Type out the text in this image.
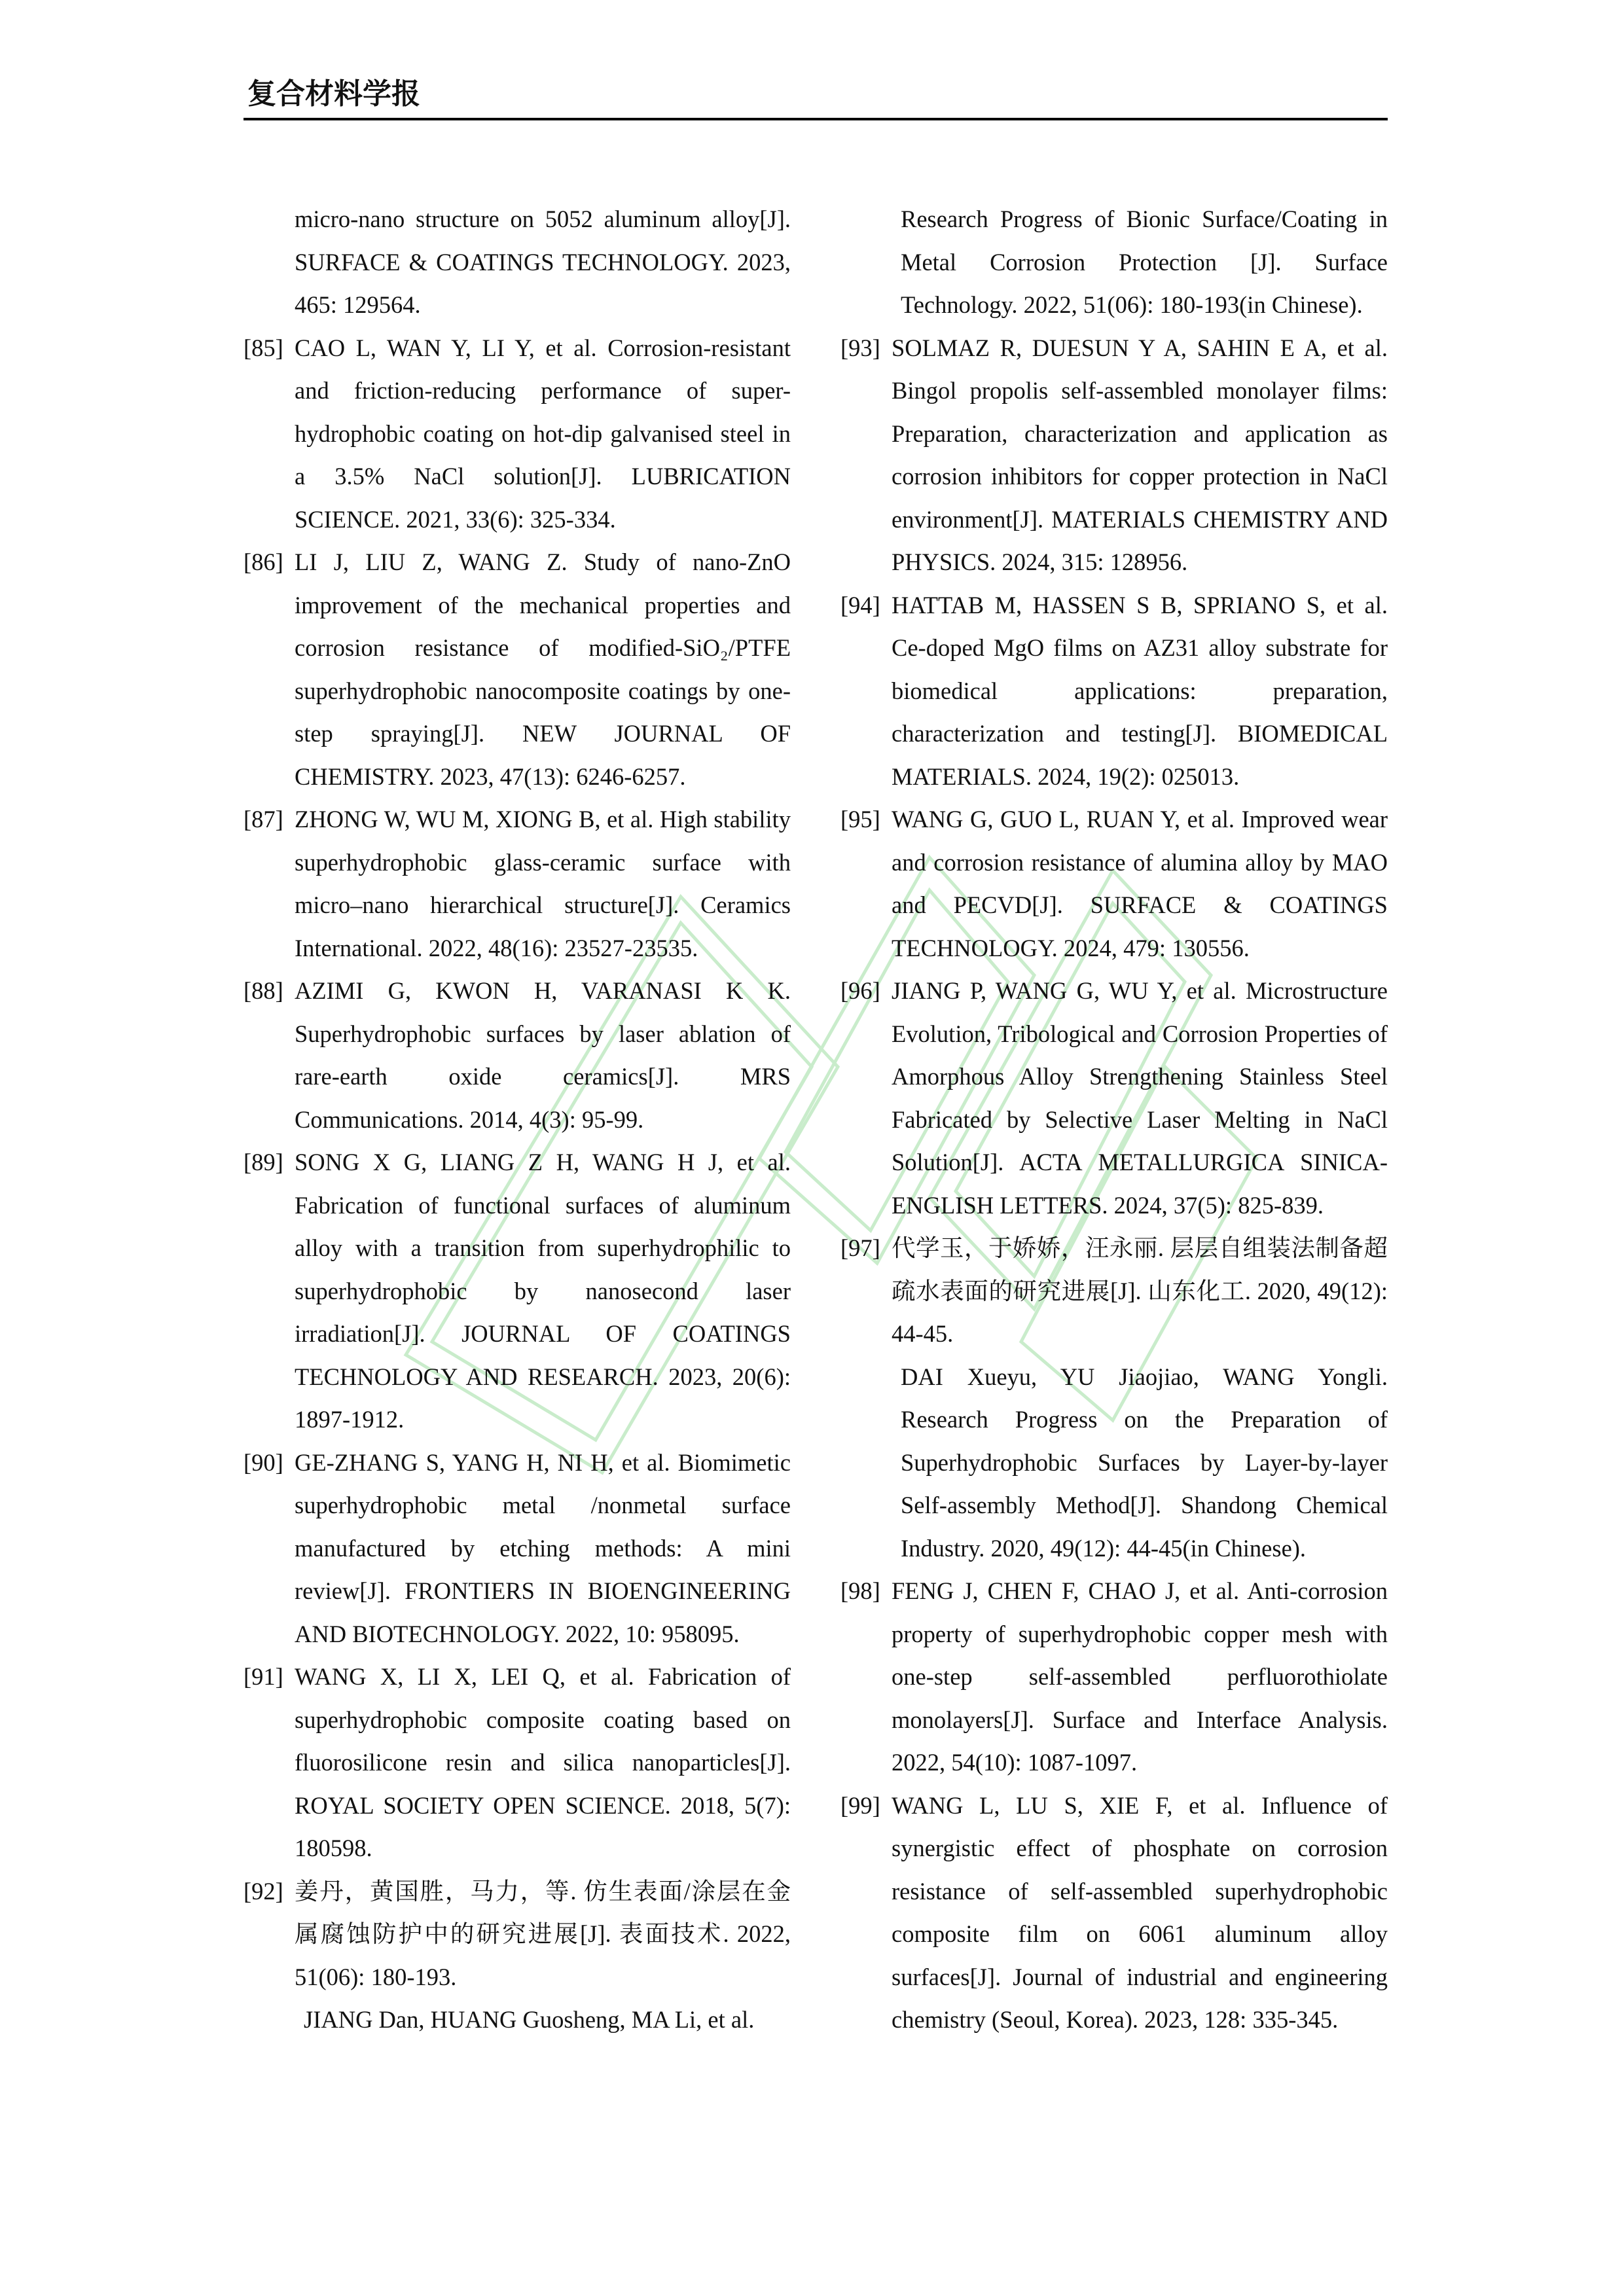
复合材料学报

micro-nano structure on 5052 aluminum alloy[J]. SURFACE & COATINGS TECHNOLOGY. 2023, 465: 129564.

[85] CAO L, WAN Y, LI Y, et al. Corrosion-resistant and friction-reducing performance of super-hydrophobic coating on hot-dip galvanised steel in a 3.5% NaCl solution[J]. LUBRICATION SCIENCE. 2021, 33(6): 325-334.
[86] LI J, LIU Z, WANG Z. Study of nano-ZnO improvement of the mechanical properties and corrosion resistance of modified-SiO₂/PTFE superhydrophobic nanocomposite coatings by one-step spraying[J]. NEW JOURNAL OF CHEMISTRY. 2023, 47(13): 6246-6257.
[87] ZHONG W, WU M, XIONG B, et al. High stability superhydrophobic glass-ceramic surface with micro–nano hierarchical structure[J]. Ceramics International. 2022, 48(16): 23527-23535.
[88] AZIMI G, KWON H, VARANASI K K. Superhydrophobic surfaces by laser ablation of rare-earth oxide ceramics[J]. MRS Communications. 2014, 4(3): 95-99.
[89] SONG X G, LIANG Z H, WANG H J, et al. Fabrication of functional surfaces of aluminum alloy with a transition from superhydrophilic to superhydrophobic by nanosecond laser irradiation[J]. JOURNAL OF COATINGS TECHNOLOGY AND RESEARCH. 2023, 20(6): 1897-1912.
[90] GE-ZHANG S, YANG H, NI H, et al. Biomimetic superhydrophobic metal /nonmetal surface manufactured by etching methods: A mini review[J]. FRONTIERS IN BIOENGINEERING AND BIOTECHNOLOGY. 2022, 10: 958095.
[91] WANG X, LI X, LEI Q, et al. Fabrication of superhydrophobic composite coating based on fluorosilicone resin and silica nanoparticles[J]. ROYAL SOCIETY OPEN SCIENCE. 2018, 5(7): 180598.
[92] 姜丹，黄国胜，马力，等. 仿生表面/涂层在金属腐蚀防护中的研究进展[J]. 表面技术. 2022, 51(06): 180-193.

JIANG Dan, HUANG Guosheng, MA Li, et al.

Research Progress of Bionic Surface/Coating in Metal Corrosion Protection [J]. Surface Technology. 2022, 51(06): 180-193(in Chinese).

[93] SOLMAZ R, DUESUN Y A, SAHIN E A, et al. Bingol propolis self-assembled monolayer films: Preparation, characterization and application as corrosion inhibitors for copper protection in NaCl environment[J]. MATERIALS CHEMISTRY AND PHYSICS. 2024, 315: 128956.
[94] HATTAB M, HASSEN S B, SPRIANO S, et al. Ce-doped MgO films on AZ31 alloy substrate for biomedical applications: preparation, characterization and testing[J]. BIOMEDICAL MATERIALS. 2024, 19(2): 025013.
[95] WANG G, GUO L, RUAN Y, et al. Improved wear and corrosion resistance of alumina alloy by MAO and PECVD[J]. SURFACE & COATINGS TECHNOLOGY. 2024, 479: 130556.
[96] JIANG P, WANG G, WU Y, et al. Microstructure Evolution, Tribological and Corrosion Properties of Amorphous Alloy Strengthening Stainless Steel Fabricated by Selective Laser Melting in NaCl Solution[J]. ACTA METALLURGICA SINICA-ENGLISH LETTERS. 2024, 37(5): 825-839.
[97] 代学玉，于娇娇，汪永丽. 层层自组装法制备超疏水表面的研究进展[J]. 山东化工. 2020, 49(12): 44-45.

DAI Xueyu, YU Jiaojiao, WANG Yongli. Research Progress on the Preparation of Superhydrophobic Surfaces by Layer-by-layer Self-assembly Method[J]. Shandong Chemical Industry. 2020, 49(12): 44-45(in Chinese).

[98] FENG J, CHEN F, CHAO J, et al. Anti-corrosion property of superhydrophobic copper mesh with one-step self-assembled perfluorothiolate monolayers[J]. Surface and Interface Analysis. 2022, 54(10): 1087-1097.
[99] WANG L, LU S, XIE F, et al. Influence of synergistic effect of phosphate on corrosion resistance of self-assembled superhydrophobic composite film on 6061 aluminum alloy surfaces[J]. Journal of industrial and engineering chemistry (Seoul, Korea). 2023, 128: 335-345.
